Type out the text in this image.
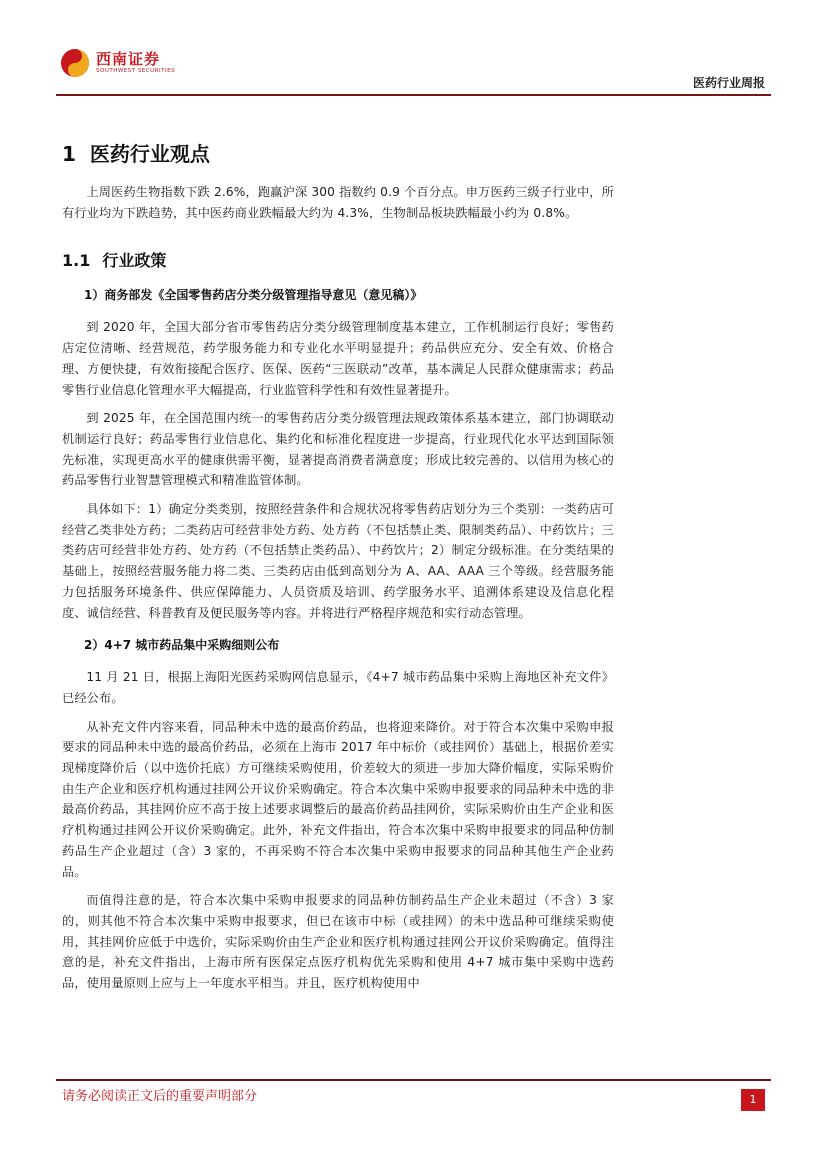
西南证券
SOUTHWEST SECURITIES
医药行业周报
1 医药行业观点

上周医药生物指数下跌 2.6%，跑赢沪深 300 指数约 0.9 个百分点。申万医药三级子行业中，所有行业均为下跌趋势，其中医药商业跌幅最大约为 4.3%，生物制品板块跌幅最小约为 0.8%。

1.1 行业政策

1）商务部发《全国零售药店分类分级管理指导意见（意见稿）》

到 2020 年，全国大部分省市零售药店分类分级管理制度基本建立，工作机制运行良好；零售药店定位清晰、经营规范，药学服务能力和专业化水平明显提升；药品供应充分、安全有效、价格合理、方便快捷，有效衔接配合医疗、医保、医药“三医联动”改革，基本满足人民群众健康需求；药品零售行业信息化管理水平大幅提高，行业监管科学性和有效性显著提升。

到 2025 年，在全国范围内统一的零售药店分类分级管理法规政策体系基本建立，部门协调联动机制运行良好；药品零售行业信息化、集约化和标准化程度进一步提高，行业现代化水平达到国际领先标准，实现更高水平的健康供需平衡，显著提高消费者满意度；形成比较完善的、以信用为核心的药品零售行业智慧管理模式和精准监管体制。

具体如下：1）确定分类类别，按照经营条件和合规状况将零售药店划分为三个类别：一类药店可经营乙类非处方药；二类药店可经营非处方药、处方药（不包括禁止类、限制类药品）、中药饮片；三类药店可经营非处方药、处方药（不包括禁止类药品）、中药饮片；2）制定分级标准。在分类结果的基础上，按照经营服务能力将二类、三类药店由低到高划分为 A、AA、AAA 三个等级。经营服务能力包括服务环境条件、供应保障能力、人员资质及培训、药学服务水平、追溯体系建设及信息化程度、诚信经营、科普教育及便民服务等内容。并将进行严格程序规范和实行动态管理。

2）4+7 城市药品集中采购细则公布

11 月 21 日，根据上海阳光医药采购网信息显示，《4+7 城市药品集中采购上海地区补充文件》已经公布。

从补充文件内容来看，同品种未中选的最高价药品，也将迎来降价。对于符合本次集中采购申报要求的同品种未中选的最高价药品，必须在上海市 2017 年中标价（或挂网价）基础上，根据价差实现梯度降价后（以中选价托底）方可继续采购使用，价差较大的须进一步加大降价幅度，实际采购价由生产企业和医疗机构通过挂网公开议价采购确定。符合本次集中采购申报要求的同品种未中选的非最高价药品，其挂网价应不高于按上述要求调整后的最高价药品挂网价，实际采购价由生产企业和医疗机构通过挂网公开议价采购确定。此外，补充文件指出，符合本次集中采购申报要求的同品种仿制药品生产企业超过（含）3 家的，不再采购不符合本次集中采购申报要求的同品种其他生产企业药品。

而值得注意的是，符合本次集中采购申报要求的同品种仿制药品生产企业未超过（不含）3 家的，则其他不符合本次集中采购申报要求，但已在该市中标（或挂网）的未中选品种可继续采购使用，其挂网价应低于中选价，实际采购价由生产企业和医疗机构通过挂网公开议价采购确定。值得注意的是，补充文件指出，上海市所有医保定点医疗机构优先采购和使用 4+7 城市集中采购中选药品，使用量原则上应与上一年度水平相当。并且，医疗机构使用中

请务必阅读正文后的重要声明部分	1
